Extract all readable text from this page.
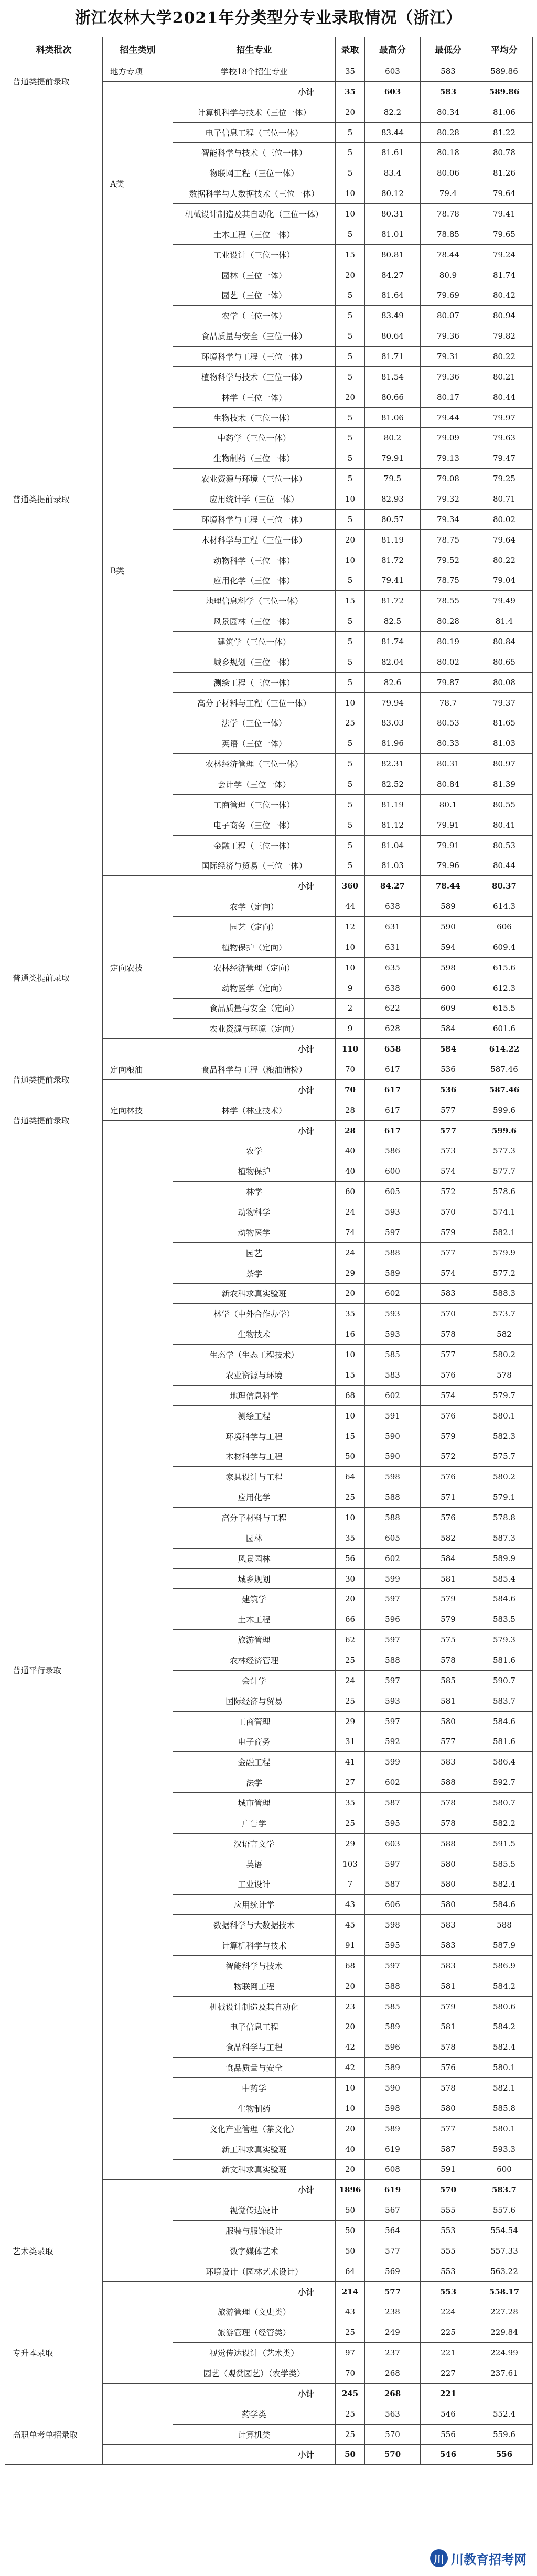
浙江农林大学2021年分类型分专业录取情况（浙江）
科类批次	招生类别	招生专业	录取	最高分	最低分	平均分
普通类提前录取	地方专项	学校18个招生专业	35	603	583	589.86
	小计		35	603	583	589.86
普通类提前录取	A类	计算机科学与技术（三位一体）	20	82.2	80.34	81.06
		电子信息工程（三位一体）	5	83.44	80.28	81.22
		智能科学与技术（三位一体）	5	81.61	80.18	80.78
		物联网工程（三位一体）	5	83.4	80.06	81.26
		数据科学与大数据技术（三位一体）	10	80.12	79.4	79.64
		机械设计制造及其自动化（三位一体）	10	80.31	78.78	79.41
		土木工程（三位一体）	5	81.01	78.85	79.65
		工业设计（三位一体）	15	80.81	78.44	79.24
	B类	园林（三位一体）	20	84.27	80.9	81.74
		园艺（三位一体）	5	81.64	79.69	80.42
		农学（三位一体）	5	83.49	80.07	80.94
		食品质量与安全（三位一体）	5	80.64	79.36	79.82
		环境科学与工程（三位一体）	5	81.71	79.31	80.22
		植物科学与技术（三位一体）	5	81.54	79.36	80.21
		林学（三位一体）	20	80.66	80.17	80.44
		生物技术（三位一体）	5	81.06	79.44	79.97
		中药学（三位一体）	5	80.2	79.09	79.63
		生物制药（三位一体）	5	79.91	79.13	79.47
		农业资源与环境（三位一体）	5	79.5	79.08	79.25
		应用统计学（三位一体）	10	82.93	79.32	80.71
		环境科学与工程（三位一体）	5	80.57	79.34	80.02
		木材科学与工程（三位一体）	20	81.19	78.75	79.64
		动物科学（三位一体）	10	81.72	79.52	80.22
		应用化学（三位一体）	5	79.41	78.75	79.04
		地理信息科学（三位一体）	15	81.72	78.55	79.49
		风景园林（三位一体）	5	82.5	80.28	81.4
		建筑学（三位一体）	5	81.74	80.19	80.84
		城乡规划（三位一体）	5	82.04	80.02	80.65
		测绘工程（三位一体）	5	82.6	79.87	80.08
		高分子材料与工程（三位一体）	10	79.94	78.7	79.37
		法学（三位一体）	25	83.03	80.53	81.65
		英语（三位一体）	5	81.96	80.33	81.03
		农林经济管理（三位一体）	5	82.31	80.31	80.97
		会计学（三位一体）	5	82.52	80.84	81.39
		工商管理（三位一体）	5	81.19	80.1	80.55
		电子商务（三位一体）	5	81.12	79.91	80.41
		金融工程（三位一体）	5	81.04	79.91	80.53
		国际经济与贸易（三位一体）	5	81.03	79.96	80.44
	小计		360	84.27	78.44	80.37
普通类提前录取	定向农技	农学（定向）	44	638	589	614.3
		园艺（定向）	12	631	590	606
		植物保护（定向）	10	631	594	609.4
		农林经济管理（定向）	10	635	598	615.6
		动物医学（定向）	9	638	600	612.3
		食品质量与安全（定向）	2	622	609	615.5
		农业资源与环境（定向）	9	628	584	601.6
	小计		110	658	584	614.22
普通类提前录取	定向粮油	食品科学与工程（粮油储检）	70	617	536	587.46
	小计		70	617	536	587.46
普通类提前录取	定向林技	林学（林业技术）	28	617	577	599.6
	小计		28	617	577	599.6
普通平行录取		农学	40	586	573	577.3
		植物保护	40	600	574	577.7
		林学	60	605	572	578.6
		动物科学	24	593	570	574.1
		动物医学	74	597	579	582.1
		园艺	24	588	577	579.9
		茶学	29	589	574	577.2
		新农科求真实验班	20	602	583	588.3
		林学（中外合作办学）	35	593	570	573.7
		生物技术	16	593	578	582
		生态学（生态工程技术）	10	585	577	580.2
		农业资源与环境	15	583	576	578
		地理信息科学	68	602	574	579.7
		测绘工程	10	591	576	580.1
		环境科学与工程	15	590	579	582.3
		木材科学与工程	50	590	572	575.7
		家具设计与工程	64	598	576	580.2
		应用化学	25	588	571	579.1
		高分子材料与工程	10	588	576	578.8
		园林	35	605	582	587.3
		风景园林	56	602	584	589.9
		城乡规划	30	599	581	585.4
		建筑学	20	597	579	584.6
		土木工程	66	596	579	583.5
		旅游管理	62	597	575	579.3
		农林经济管理	25	588	578	581.6
		会计学	24	597	585	590.7
		国际经济与贸易	25	593	581	583.7
		工商管理	29	597	580	584.6
		电子商务	31	592	577	581.6
		金融工程	41	599	583	586.4
		法学	27	602	588	592.7
		城市管理	35	587	578	580.7
		广告学	25	595	578	582.2
		汉语言文学	29	603	588	591.5
		英语	103	597	580	585.5
		工业设计	7	587	580	582.4
		应用统计学	43	606	580	584.6
		数据科学与大数据技术	45	598	583	588
		计算机科学与技术	91	595	583	587.9
		智能科学与技术	68	597	583	586.9
		物联网工程	20	588	581	584.2
		机械设计制造及其自动化	23	585	579	580.6
		电子信息工程	20	589	581	584.2
		食品科学与工程	42	596	578	582.4
		食品质量与安全	42	589	576	580.1
		中药学	10	590	578	582.1
		生物制药	10	598	580	585.8
		文化产业管理（茶文化）	20	589	577	580.1
		新工科求真实验班	40	619	587	593.3
		新文科求真实验班	20	608	591	600
	小计		1896	619	570	583.7
艺术类录取		视觉传达设计	50	567	555	557.6
		服装与服饰设计	50	564	553	554.54
		数字媒体艺术	50	577	555	557.33
		环境设计（园林艺术设计）	64	569	553	563.22
	小计		214	577	553	558.17
专升本录取		旅游管理（文史类）	43	238	224	227.28
		旅游管理（经管类）	25	249	225	229.84
		视觉传达设计（艺术类）	97	237	221	224.99
		园艺（观赏园艺）（农学类）	70	268	227	237.61
	小计		245	268	221	
高职单考单招录取		药学类	25	563	546	552.4
		计算机类	25	570	556	559.6
	小计		50	570	546	556
川 川教育招考网
